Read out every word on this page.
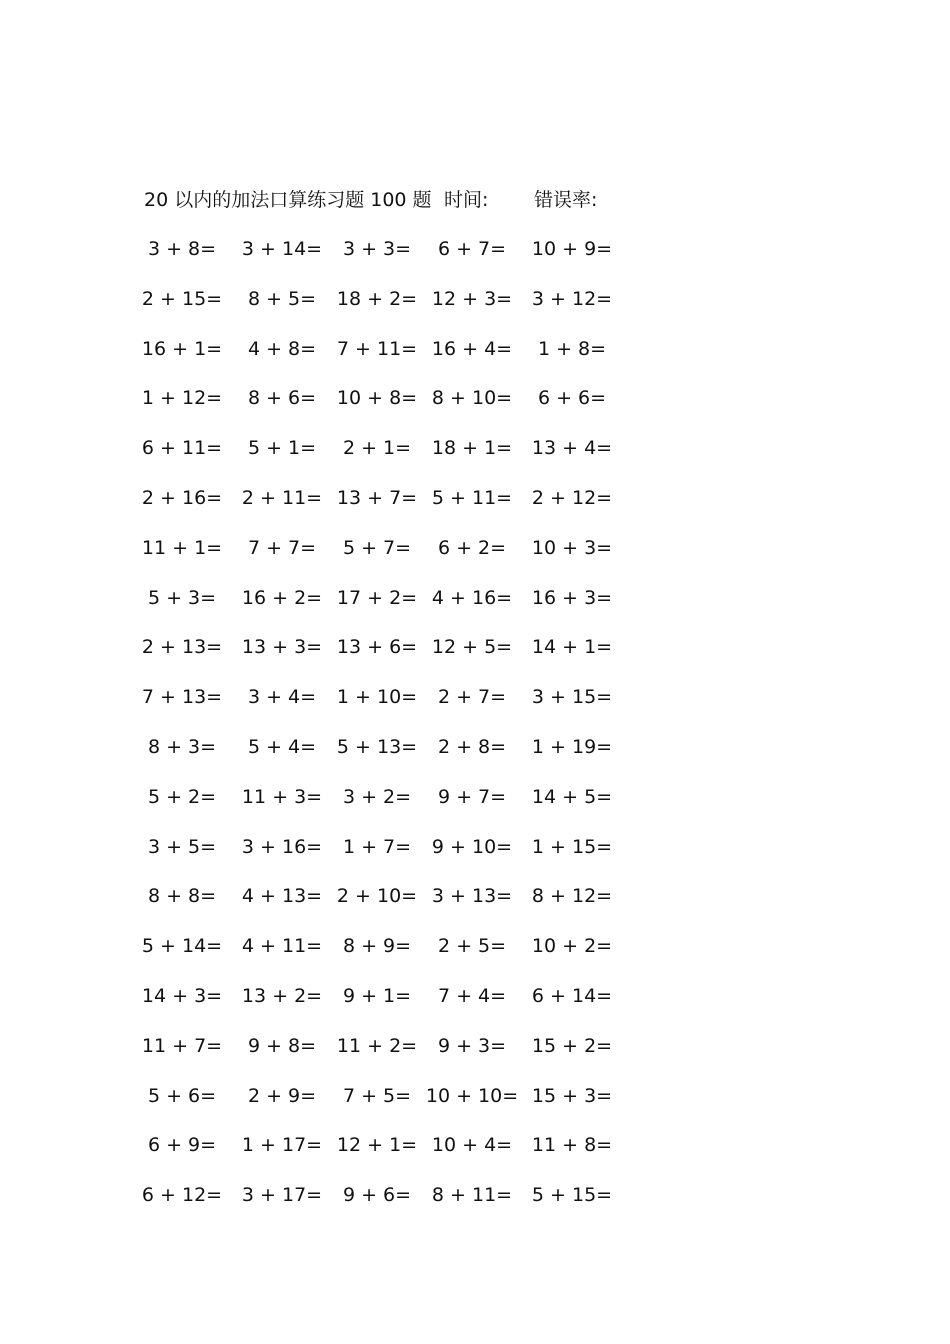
20 以内的加法口算练习题 100 题 时间: 错误率:
3 + 8=	3 + 14=	3 + 3=	6 + 7=	10 + 9=
2 + 15=	8 + 5=	18 + 2= 12 + 3=	3 + 12=
16 + 1=	4 + 8=	7 + 11= 16 + 4=	1 + 8=
1 + 12=	8 + 6=	10 + 8= 8 + 10=	6 + 6=
6 + 11=	5 + 1=	2 + 1=	18 + 1=	13 + 4=
2 + 16=	2 + 11= 13 + 7= 5 + 11=	2 + 12=
11 + 1=	7 + 7=	5 + 7=	6 + 2=	10 + 3=
5 + 3=	16 + 2= 17 + 2= 4 + 16=	16 + 3=
2 + 13=	13 + 3= 13 + 6= 12 + 5=	14 + 1=
7 + 13=	3 + 4=	1 + 10=	2 + 7=	3 + 15=
8 + 3=	5 + 4=	5 + 13=	2 + 8=	1 + 19=
5 + 2=	11 + 3=	3 + 2=	9 + 7=	14 + 5=
3 + 5=	3 + 16=	1 + 7=	9 + 10=	1 + 15=
8 + 8=	4 + 13= 2 + 10= 3 + 13=	8 + 12=
5 + 14=	4 + 11=	8 + 9=	2 + 5=	10 + 2=
14 + 3=	13 + 2=	9 + 1=	7 + 4=	6 + 14=
11 + 7=	9 + 8=	11 + 2=	9 + 3=	15 + 2=
5 + 6=	2 + 9=	7 + 5= 10 + 10= 15 + 3=
6 + 9=	1 + 17= 12 + 1= 10 + 4=	11 + 8=
6 + 12=	3 + 17=	9 + 6=	8 + 11=	5 + 15=
